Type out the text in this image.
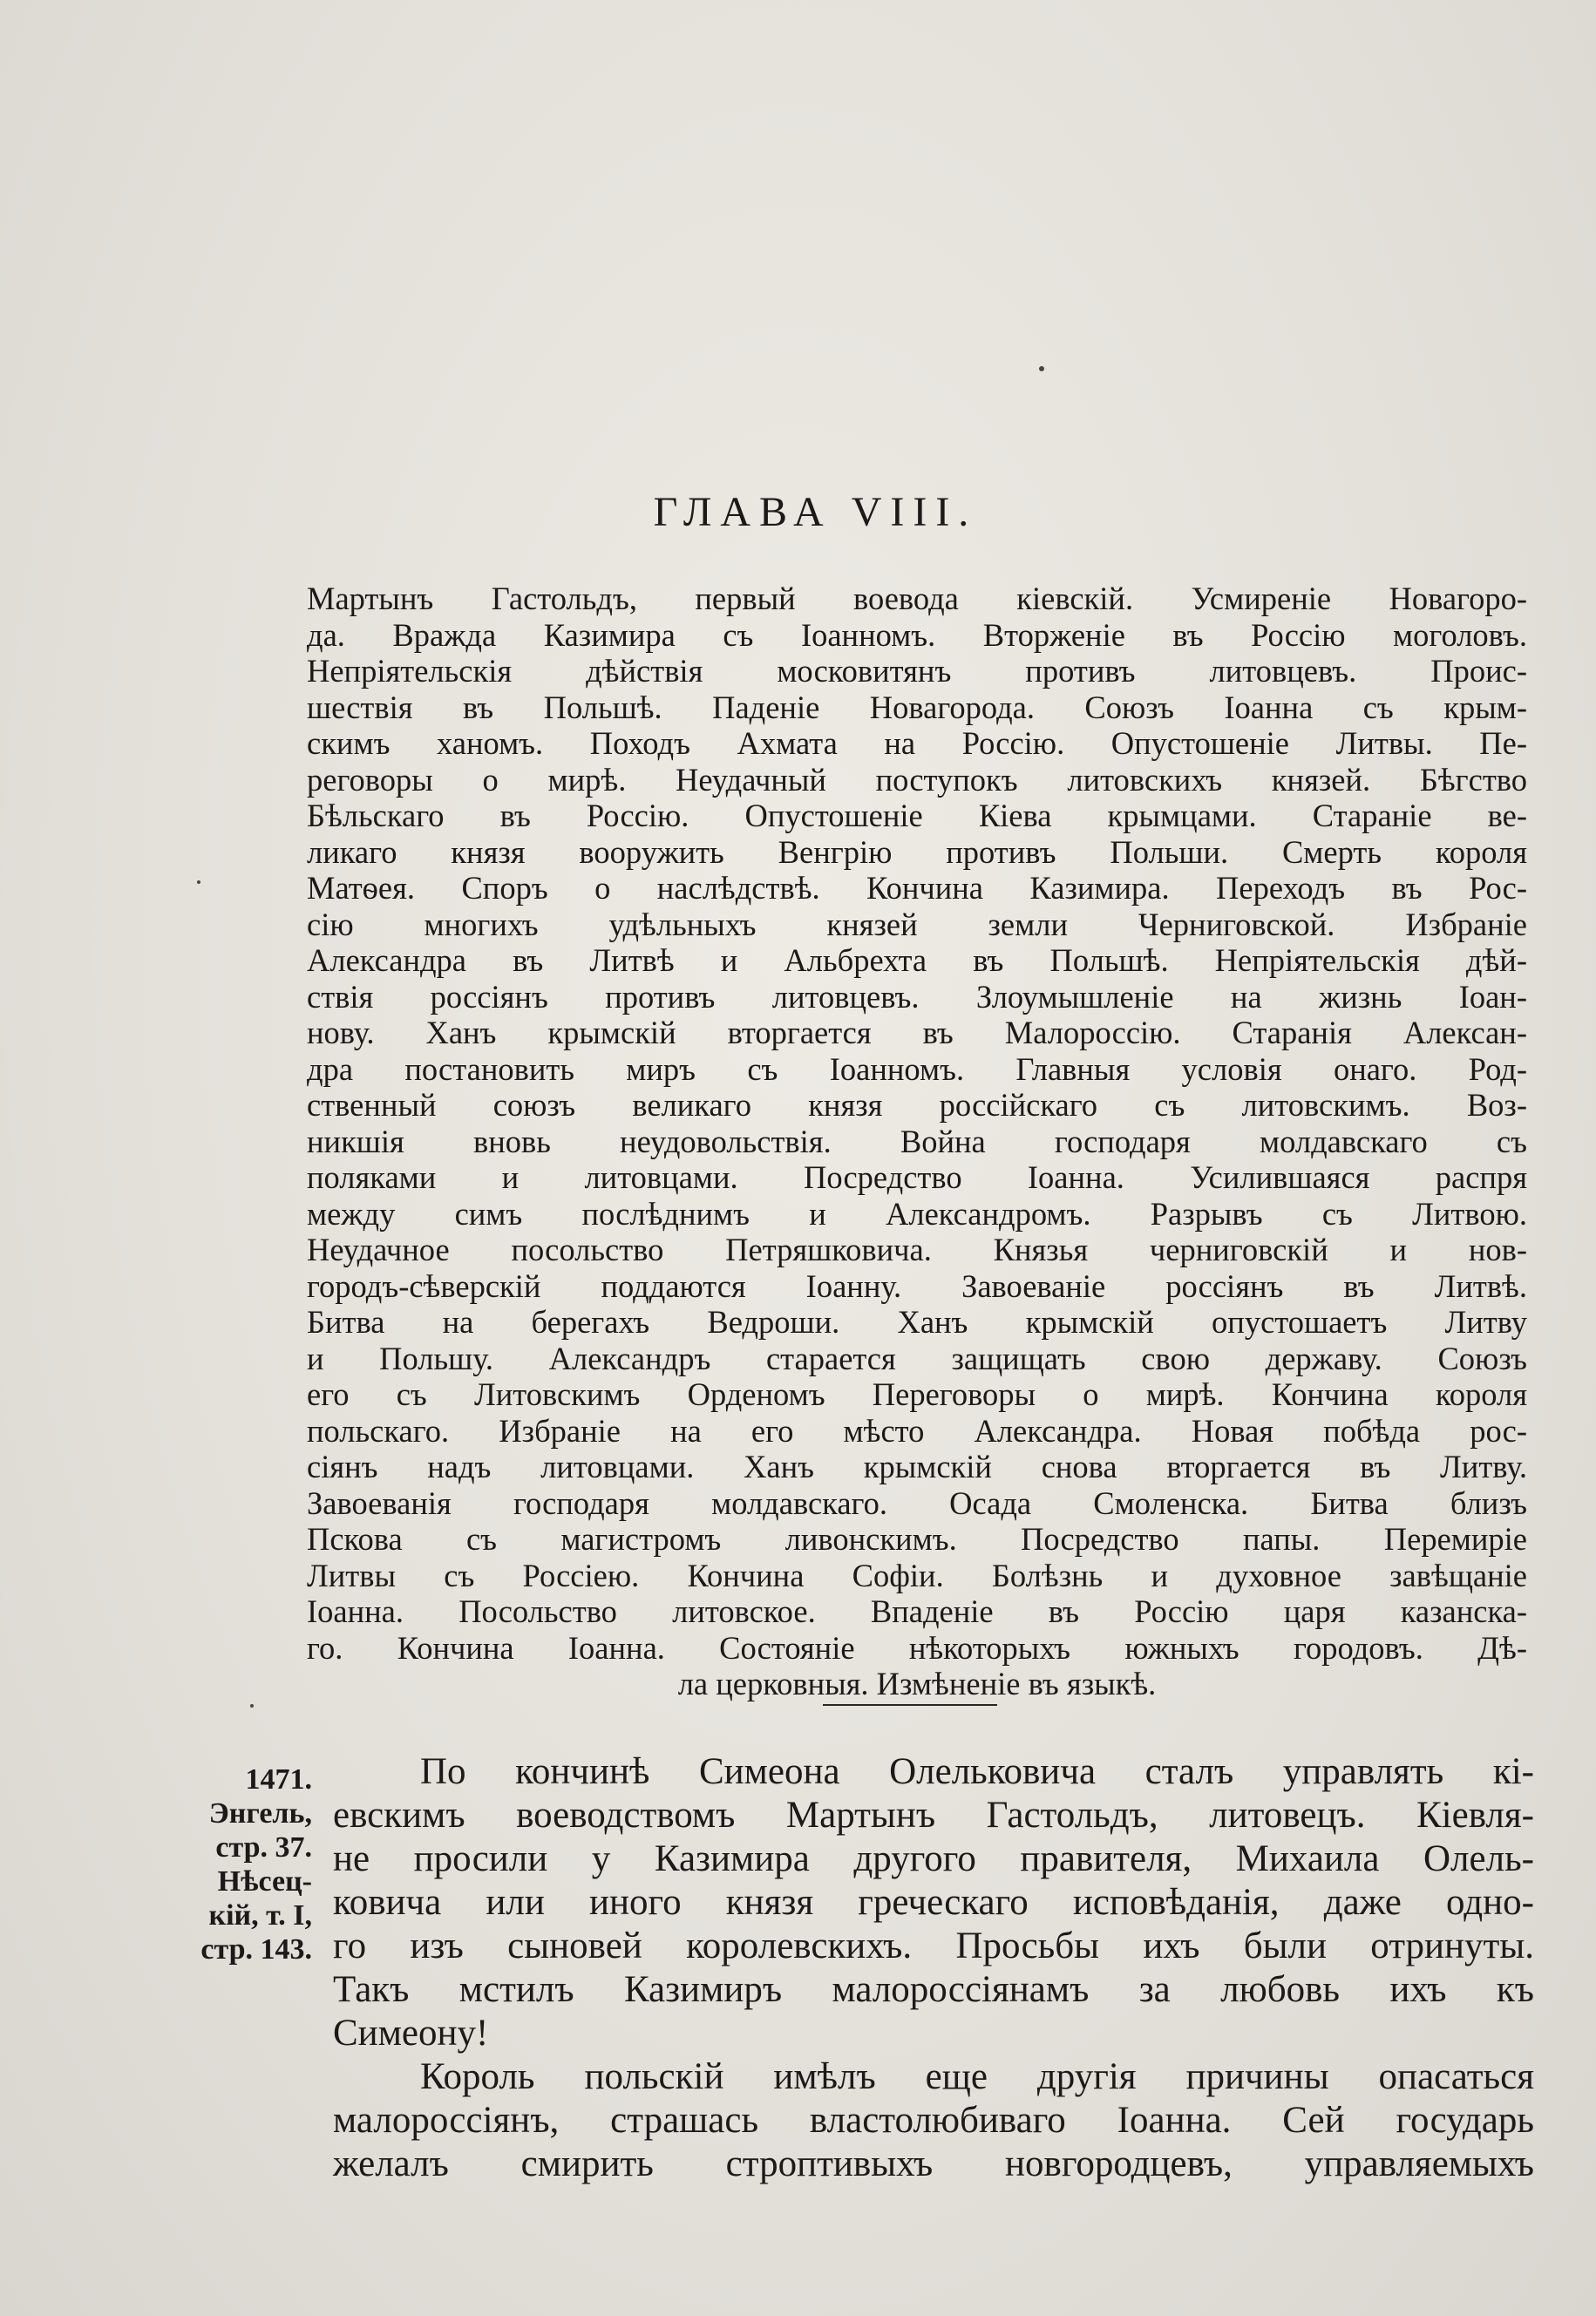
ГЛАВА VIII.
Мартынъ Гастольдъ, первый воевода кіевскій. Усмиреніе Новагоро-
да. Вражда Казимира съ Іоанномъ. Вторженіе въ Россію моголовъ.
Непріятельскія дѣйствія московитянъ противъ литовцевъ. Проис-
шествія въ Польшѣ. Паденіе Новагорода. Союзъ Іоанна съ крым-
скимъ ханомъ. Походъ Ахмата на Россію. Опустошеніе Литвы. Пе-
реговоры о мирѣ. Неудачный поступокъ литовскихъ князей. Бѣгство
Бѣльскаго въ Россію. Опустошеніе Кіева крымцами. Стараніе ве-
ликаго князя вооружить Венгрію противъ Польши. Смерть короля
Матѳея. Споръ о наслѣдствѣ. Кончина Казимира. Переходъ въ Рос-
сію многихъ удѣльныхъ князей земли Черниговской. Избраніе
Александра въ Литвѣ и Альбрехта въ Польшѣ. Непріятельскія дѣй-
ствія россіянъ противъ литовцевъ. Злоумышленіе на жизнь Іоан-
нову. Ханъ крымскій вторгается въ Малороссію. Старанія Алексан-
дра постановить миръ съ Іоанномъ. Главныя условія онаго. Род-
ственный союзъ великаго князя россійскаго съ литовскимъ. Воз-
никшія вновь неудовольствія. Война господаря молдавскаго съ
поляками и литовцами. Посредство Іоанна. Усилившаяся распря
между симъ послѣднимъ и Александромъ. Разрывъ съ Литвою.
Неудачное посольство Петряшковича. Князья черниговскій и нов-
городъ-сѣверскій поддаются Іоанну. Завоеваніе россіянъ въ Литвѣ.
Битва на берегахъ Ведроши. Ханъ крымскій опустошаетъ Литву
и Польшу. Александръ старается защищать свою державу. Союзъ
его съ Литовскимъ Орденомъ Переговоры о мирѣ. Кончина короля
польскаго. Избраніе на его мѣсто Александра. Новая побѣда рос-
сіянъ надъ литовцами. Ханъ крымскій снова вторгается въ Литву.
Завоеванія господаря молдавскаго. Осада Смоленска. Битва близъ
Пскова съ магистромъ ливонскимъ. Посредство папы. Перемиріе
Литвы съ Россіею. Кончина Софіи. Болѣзнь и духовное завѣщаніе
Іоанна. Посольство литовское. Впаденіе въ Россію царя казанска-
го. Кончина Іоанна. Состояніе нѣкоторыхъ южныхъ городовъ. Дѣ-
ла церковныя. Измѣненіе въ языкѣ.
1471.
Энгель,
стр. 37.
Нѣсец-
кій, т. I,
стр. 143.
По кончинѣ Симеона Олельковича сталъ управлять кі-
евскимъ воеводствомъ Мартынъ Гастольдъ, литовецъ. Кіевля-
не просили у Казимира другого правителя, Михаила Олель-
ковича или иного князя греческаго исповѣданія, даже одно-
го изъ сыновей королевскихъ. Просьбы ихъ были отринуты.
Такъ мстилъ Казимиръ малороссіянамъ за любовь ихъ къ
Симеону!
Король польскій имѣлъ еще другія причины опасаться
малороссіянъ, страшась властолюбиваго Іоанна. Сей государь
желалъ смирить строптивыхъ новгородцевъ, управляемыхъ
